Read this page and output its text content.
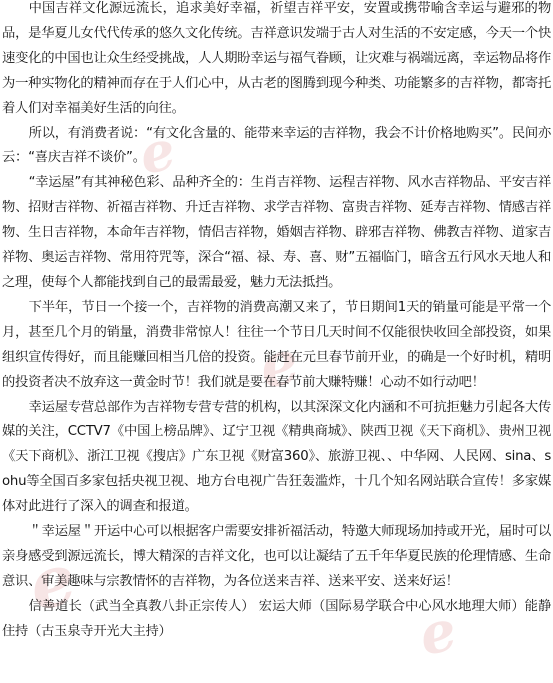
e
e
e
e

中国吉祥文化源远流长，追求美好幸福，祈望吉祥平安，安置或携带喻含幸运与避邪的物品，是华夏儿女代代传承的悠久文化传统。吉祥意识发端于古人对生活的不安定感，今天一个快速变化的中国也让众生经受挑战，人人期盼幸运与福气眷顾，让灾难与祸端远离，幸运物品将作为一种实物化的精神而存在于人们心中，从古老的图腾到现今种类、功能繁多的吉祥物，都寄托着人们对幸福美好生活的向往。

所以，有消费者说：“有文化含量的、能带来幸运的吉祥物，我会不计价格地购买”。民间亦云：“喜庆吉祥不谈价”。

“幸运屋”有其神秘色彩、品种齐全的：生肖吉祥物、运程吉祥物、风水吉祥物品、平安吉祥物、招财吉祥物、祈福吉祥物、升迁吉祥物、求学吉祥物、富贵吉祥物、延寿吉祥物、情感吉祥物、生日吉祥物，本命年吉祥物，情侣吉祥物，婚姻吉祥物、辟邪吉祥物、佛教吉祥物、道家吉祥物、奥运吉祥物、常用符咒等，深合“福、禄、寿、喜、财”五福临门，暗含五行风水天地人和之理，使每个人都能找到自己的最需最爱，魅力无法抵挡。

下半年，节日一个接一个，吉祥物的消费高潮又来了，节日期间1天的销量可能是平常一个月，甚至几个月的销量，消费非常惊人！往往一个节日几天时间不仅能很快收回全部投资，如果组织宣传得好，而且能赚回相当几倍的投资。能赶在元旦春节前开业，的确是一个好时机，精明的投资者决不放弃这一黄金时节！我们就是要在春节前大赚特赚！心动不如行动吧！

幸运屋专营总部作为吉祥物专营专营的机构，以其深深文化内涵和不可抗拒魅力引起各大传媒的关注，CCTV7《中国上榜品牌》、辽宁卫视《精典商城》、陕西卫视《天下商机》、贵州卫视《天下商机》、浙江卫视《搜店》广东卫视《财富360》、旅游卫视、、中华网、人民网、sina、sohu等全国百多家包括央视卫视、地方台电视广告狂轰滥炸，十几个知名网站联合宣传！多家媒体对此进行了深入的调查和报道。

＂幸运屋＂开运中心可以根据客户需要安排祈福活动，特邀大师现场加持或开光，届时可以亲身感受到源远流长，博大精深的吉祥文化，也可以让凝结了五千年华夏民族的伦理情感、生命意识、审美趣味与宗教情怀的吉祥物，为各位送来吉祥、送来平安、送来好运！

信善道长（武当全真教八卦正宗传人） 宏运大师（国际易学联合中心风水地理大师）能静住持（古玉泉寺开光大主持）
